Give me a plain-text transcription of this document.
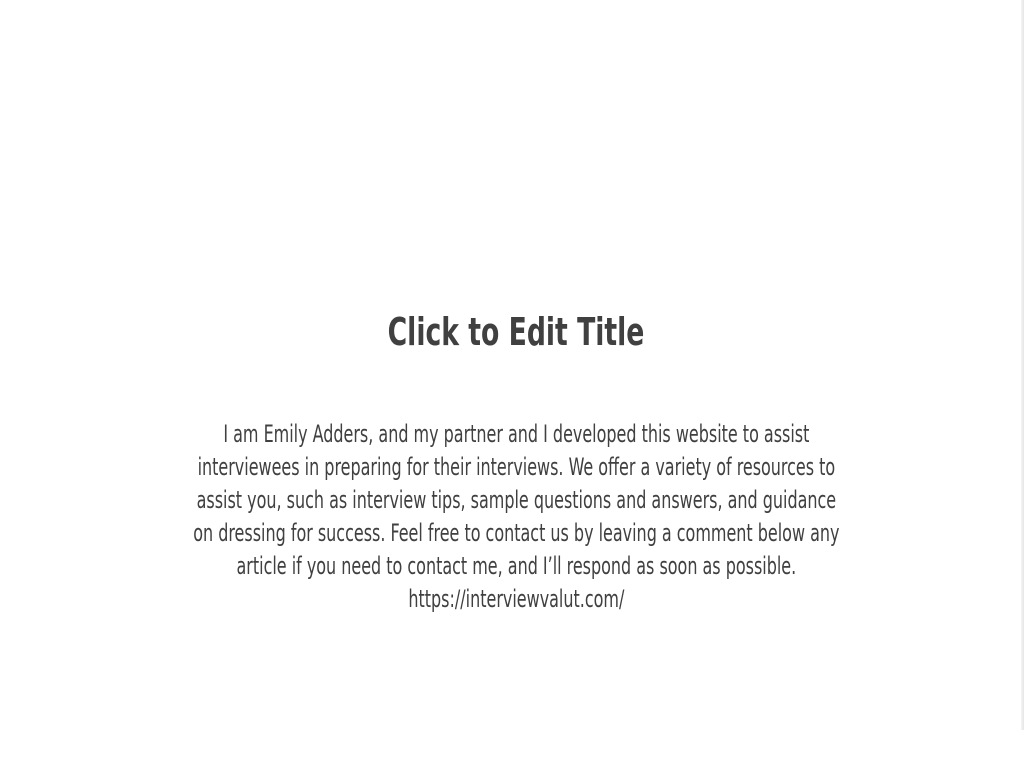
Click to Edit Title

I am Emily Adders, and my partner and I developed this website to assist interviewees in preparing for their interviews. We offer a variety of resources to assist you, such as interview tips, sample questions and answers, and guidance on dressing for success. Feel free to contact us by leaving a comment below any article if you need to contact me, and I’ll respond as soon as possible.

https://interviewvalut.com/
